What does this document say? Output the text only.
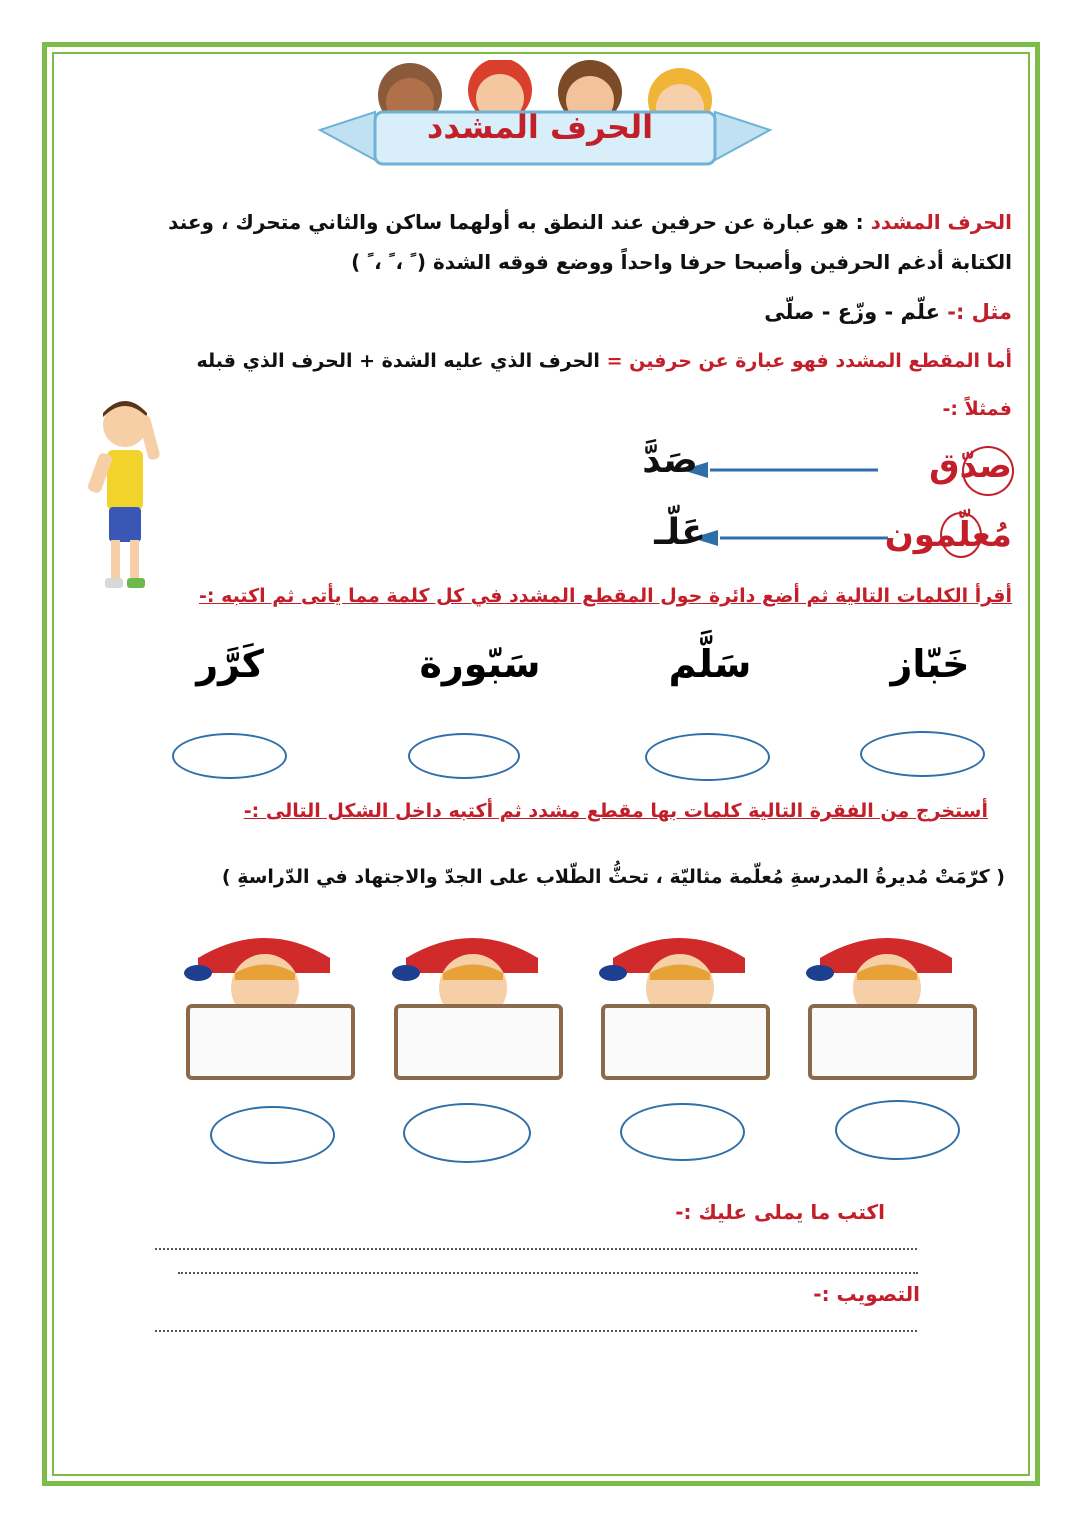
الحرف المشدد
الحرف المشدد : هو عبارة عن حرفين عند النطق به أولهما ساكن والثاني متحرك ، وعند
الكتابة أدغم الحرفين وأصبحا حرفا واحداً ووضع فوقه الشدة ( ً ، ً ، ً )
مثل :- علّم - وزّع - صلّى
أما المقطع المشدد فهو عبارة عن حرفين = الحرف الذي عليه الشدة + الحرف الذي قبله
فمثلاً :-
صدّق
صَدَّ
مُعلّمون
عَلّـ
أقرأ الكلمات التالية ثم أضع دائرة حول المقطع المشدد في كل كلمة مما يأتى ثم اكتبه :-
خَبّاز
سَلَّم
سَبّورة
كَرَّر
أستخرج من الفقرة التالية كلمات بها مقطع مشدد ثم أكتبه داخل الشكل التالى :-
( كرّمَتْ مُديرةُ المدرسةِ مُعلّمة مثاليّة ، تحثُّ الطّلاب على الجدّ والاجتهاد في الدّراسةِ )
اكتب ما يملى عليك :-
التصويب :-
